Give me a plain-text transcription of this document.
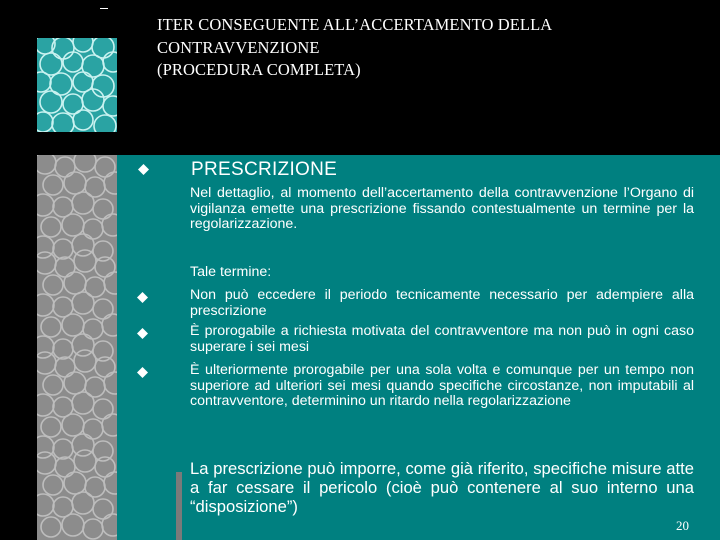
ITER CONSEGUENTE ALL’ACCERTAMENTO DELLA
CONTRAVVENZIONE
(PROCEDURA COMPLETA)
PRESCRIZIONE
Nel dettaglio, al momento dell’accertamento della contravvenzione l’Organo di vigilanza emette una prescrizione fissando contestualmente un termine per la regolarizzazione.
Tale termine:
Non può eccedere il periodo tecnicamente necessario per adempiere alla prescrizione
È prorogabile a richiesta motivata del contravventore ma non può in ogni caso superare i sei mesi
È ulteriormente prorogabile per una sola volta e comunque per un tempo non superiore ad ulteriori sei mesi quando specifiche circostanze, non imputabili al contravventore, determinino un ritardo nella regolarizzazione
La prescrizione può imporre, come già riferito, specifiche misure atte a far cessare il pericolo (cioè può contenere al suo interno una “disposizione”)
20
